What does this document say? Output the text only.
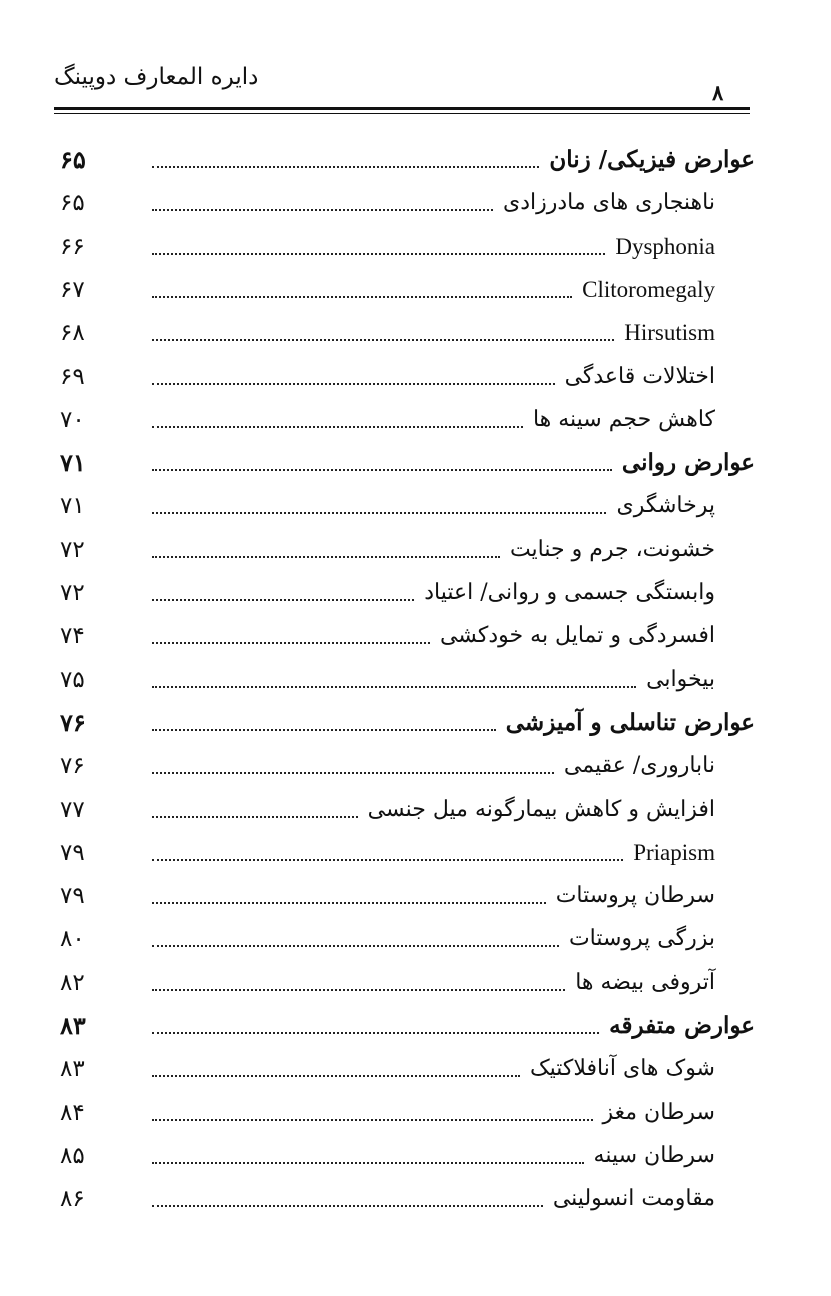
دایره المعارف دوپینگ
۸
۶۵	عوارض فیزیکی/ زنان
۶۵	ناهنجاری های مادرزادی
۶۶	Dysphonia
۶۷	Clitoromegaly
۶۸	Hirsutism
۶۹	اختلالات قاعدگی
۷۰	کاهش حجم سینه ها
۷۱	عوارض روانی
۷۱	پرخاشگری
۷۲	خشونت، جرم و جنایت
۷۲	وابستگی جسمی و روانی/ اعتیاد
۷۴	افسردگی و تمایل به خودکشی
۷۵	بیخوابی
۷۶	عوارض تناسلی و آمیزشی
۷۶	ناباروری/ عقیمی
۷۷	افزایش و کاهش بیمارگونه میل جنسی
۷۹	Priapism
۷۹	سرطان پروستات
۸۰	بزرگی پروستات
۸۲	آتروفی بیضه ها
۸۳	عوارض متفرقه
۸۳	شوک های آنافلاکتیک
۸۴	سرطان مغز
۸۵	سرطان سینه
۸۶	مقاومت انسولینی
